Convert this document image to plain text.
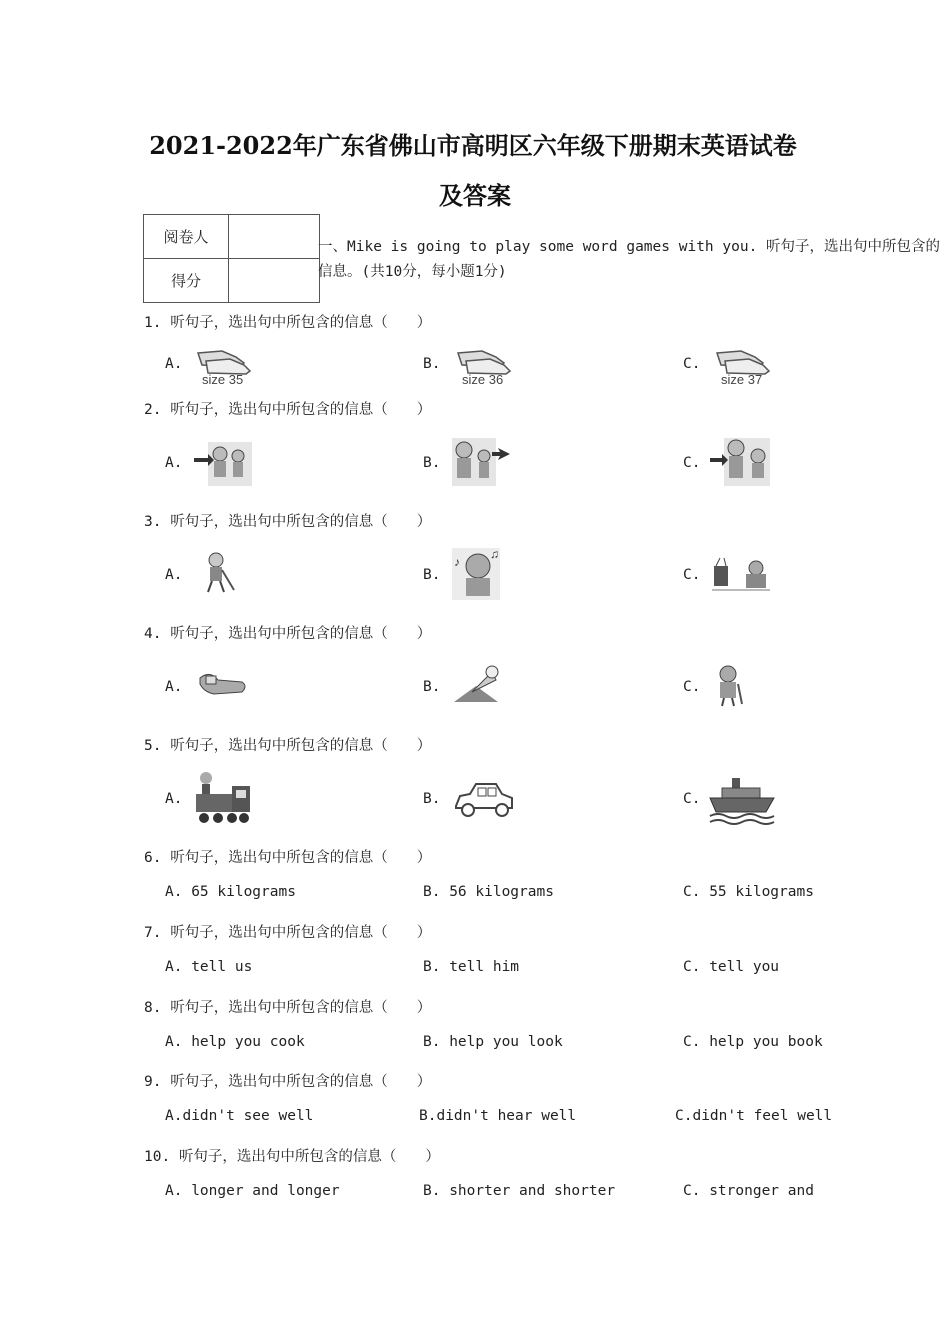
2021-2022年广东省佛山市高明区六年级下册期末英语试卷
及答案
阅卷人	
得分	
一、Mike is going to play some word games with you. 听句子，选出句中所包含的
信息。(共10分，每小题1分)
1. 听句子，选出句中所包含的信息（　　）
A.	B.	C.
size 35	size 36	size 37
2. 听句子，选出句中所包含的信息（　　）
A.	B.	C.
3. 听句子，选出句中所包含的信息（　　）
A.	B.	C.
♪
♫
4. 听句子，选出句中所包含的信息（　　）
A.	B.	C.
5. 听句子，选出句中所包含的信息（　　）
A.	B.	C.
6. 听句子，选出句中所包含的信息（　　）
A. 65 kilograms	B. 56 kilograms	C. 55 kilograms
7. 听句子，选出句中所包含的信息（　　）
A. tell us	B. tell him	C. tell you
8. 听句子，选出句中所包含的信息（　　）
A. help you cook	B. help you look	C. help you book
9. 听句子，选出句中所包含的信息（　　）
A.didn't see well	B.didn't hear well	C.didn't feel well
10. 听句子，选出句中所包含的信息（　　）
A. longer and longer	B. shorter and shorter	C. stronger and
